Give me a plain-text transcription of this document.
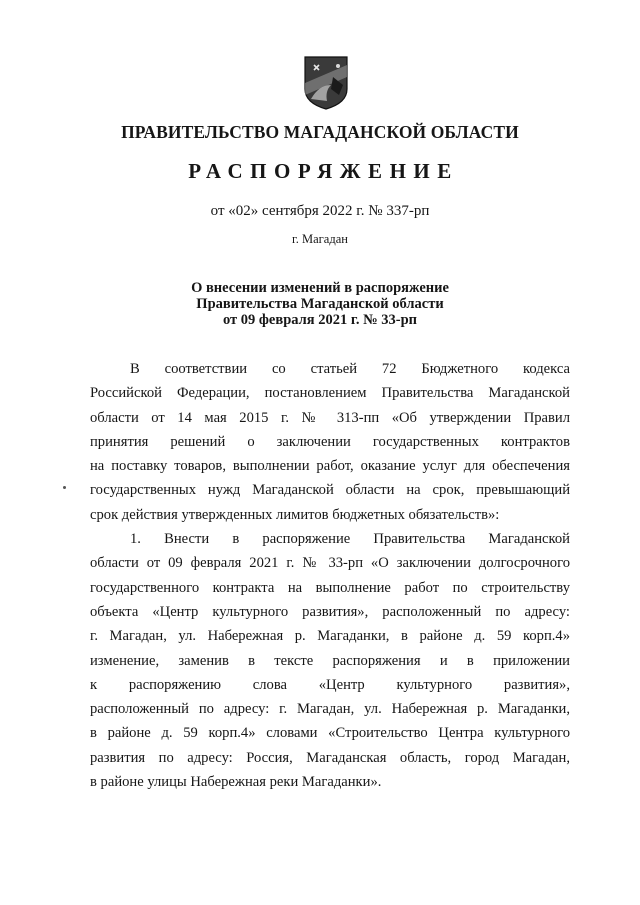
ПРАВИТЕЛЬСТВО МАГАДАНСКОЙ ОБЛАСТИ
РАСПОРЯЖЕНИЕ
от «02» сентября 2022 г. № 337-рп
г. Магадан
О внесении изменений в распоряжение
Правительства Магаданской области
от 09 февраля 2021 г. № 33-рп
В соответствии со статьей 72 Бюджетного кодекса
Российской Федерации, постановлением Правительства Магаданской
области от 14 мая 2015 г. № 313-пп «Об утверждении Правил
принятия решений о заключении государственных контрактов
на поставку товаров, выполнении работ, оказание услуг для обеспечения
государственных нужд Магаданской области на срок, превышающий
срок действия утвержденных лимитов бюджетных обязательств»:
1. Внести в распоряжение Правительства Магаданской
области от 09 февраля 2021 г. № 33-рп «О заключении долгосрочного
государственного контракта на выполнение работ по строительству
объекта «Центр культурного развития», расположенный по адресу:
г. Магадан, ул. Набережная р. Магаданки, в районе д. 59 корп.4»
изменение, заменив в тексте распоряжения и в приложении
к распоряжению слова «Центр культурного развития»,
расположенный по адресу: г. Магадан, ул. Набережная р. Магаданки,
в районе д. 59 корп.4» словами «Строительство Центра культурного
развития по адресу: Россия, Магаданская область, город Магадан,
в районе улицы Набережная реки Магаданки».
